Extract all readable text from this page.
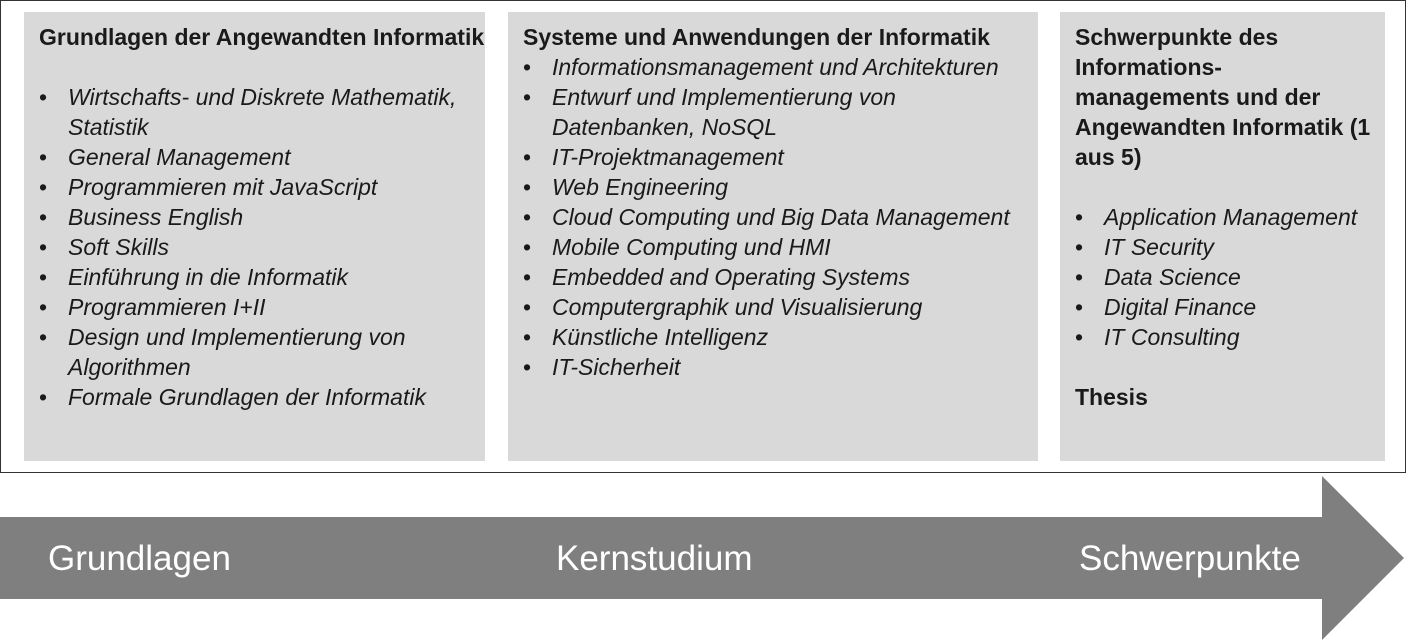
Grundlagen der Angewandten Informatik
• Wirtschafts- und Diskrete Mathematik, Statistik
• General Management
• Programmieren mit JavaScript
• Business English
• Soft Skills
• Einführung in die Informatik
• Programmieren I+II
• Design und Implementierung von Algorithmen
• Formale Grundlagen der Informatik
Systeme und Anwendungen der Informatik
• Informationsmanagement und Architekturen
• Entwurf und Implementierung von Datenbanken, NoSQL
• IT-Projektmanagement
• Web Engineering
• Cloud Computing und Big Data Management
• Mobile Computing und HMI
• Embedded and Operating Systems
• Computergraphik und Visualisierung
• Künstliche Intelligenz
• IT-Sicherheit
Schwerpunkte des Informations-managements und der Angewandten Informatik (1 aus 5)
• Application Management
• IT Security
• Data Science
• Digital Finance
• IT Consulting

Thesis

Grundlagen	Kernstudium	Schwerpunkte
